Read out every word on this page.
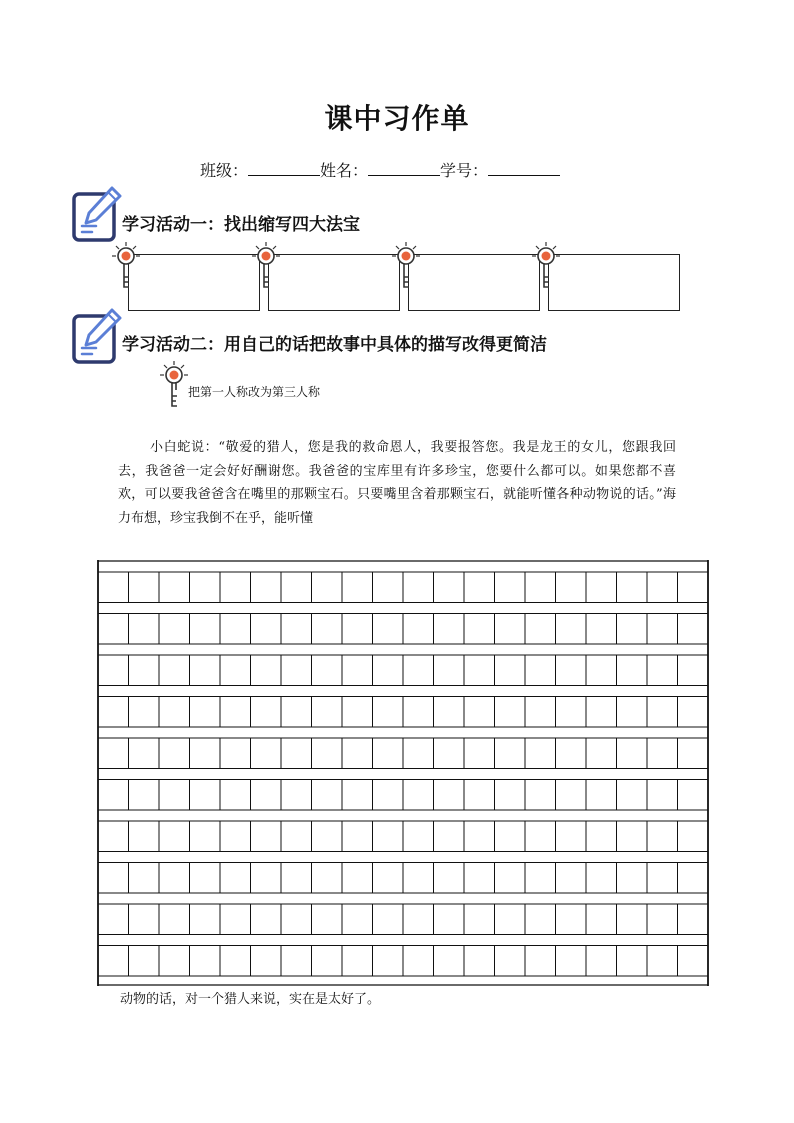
课中习作单
班级：	姓名：	学号：
学习活动一：找出缩写四大法宝
学习活动二：用自己的话把故事中具体的描写改得更简洁
把第一人称改为第三人称
小白蛇说：“敬爱的猎人，您是我的救命恩人，我要报答您。我是龙王的女儿，您跟我回去，我爸爸一定会好好酬谢您。我爸爸的宝库里有许多珍宝，您要什么都可以。如果您都不喜欢，可以要我爸爸含在嘴里的那颗宝石。只要嘴里含着那颗宝石，就能听懂各种动物说的话。”海力布想，珍宝我倒不在乎，能听懂
动物的话，对一个猎人来说，实在是太好了。
